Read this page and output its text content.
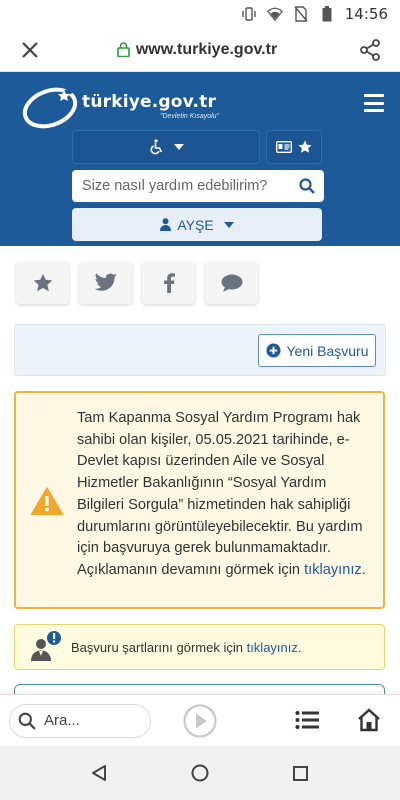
14:56
www.turkiye.gov.tr
türkiye.gov.tr
"Devletin Kısayolu"
Size nasıl yardım edebilirim?
AYŞE
Yeni Başvuru

Tam Kapanma Sosyal Yardım Programı hak sahibi olan kişiler, 05.05.2021 tarihinde, e-Devlet kapısı üzerinden Aile ve Sosyal Hizmetler Bakanlığının “Sosyal Yardım Bilgileri Sorgula” hizmetinden hak sahipliği durumlarını görüntüleyebilecektir. Bu yardım için başvuruya gerek bulunmamaktadır. Açıklamanın devamını görmek için tıklayınız.

Başvuru şartlarını görmek için tıklayınız.
Ara...
